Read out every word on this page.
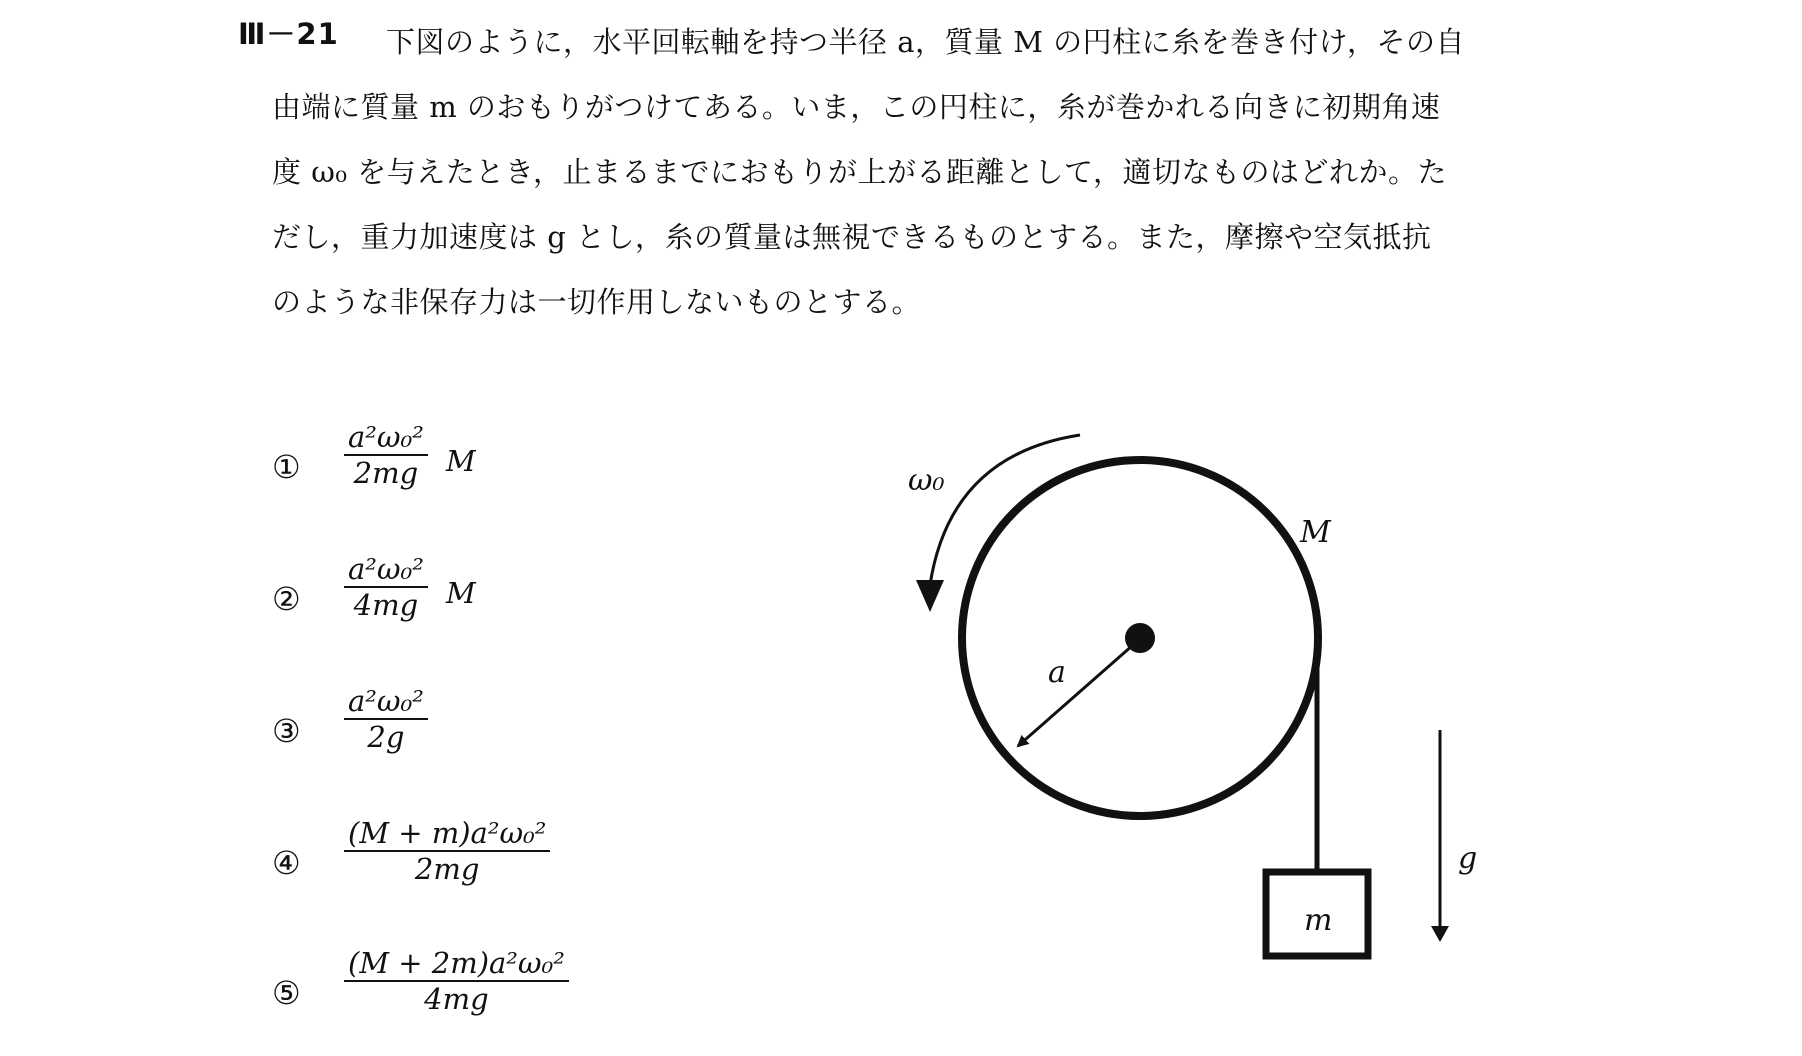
Ⅲ－21	下図のように，水平回転軸を持つ半径 a，質量 M の円柱に糸を巻き付け，その自
由端に質量 m のおもりがつけてある。いま，この円柱に，糸が巻かれる向きに初期角速
度 ω₀ を与えたとき，止まるまでにおもりが上がる距離として，適切なものはどれか。た
だし，重力加速度は g とし，糸の質量は無視できるものとする。また，摩擦や空気抵抗
のような非保存力は一切作用しないものとする。
①
a²ω₀²
2mg M
②
a²ω₀²
4mg M
③
a²ω₀²
2g
④
(M + m)a²ω₀²
2mg
⑤
(M + 2m)a²ω₀²
4mg
ω₀
M
a
m
g
